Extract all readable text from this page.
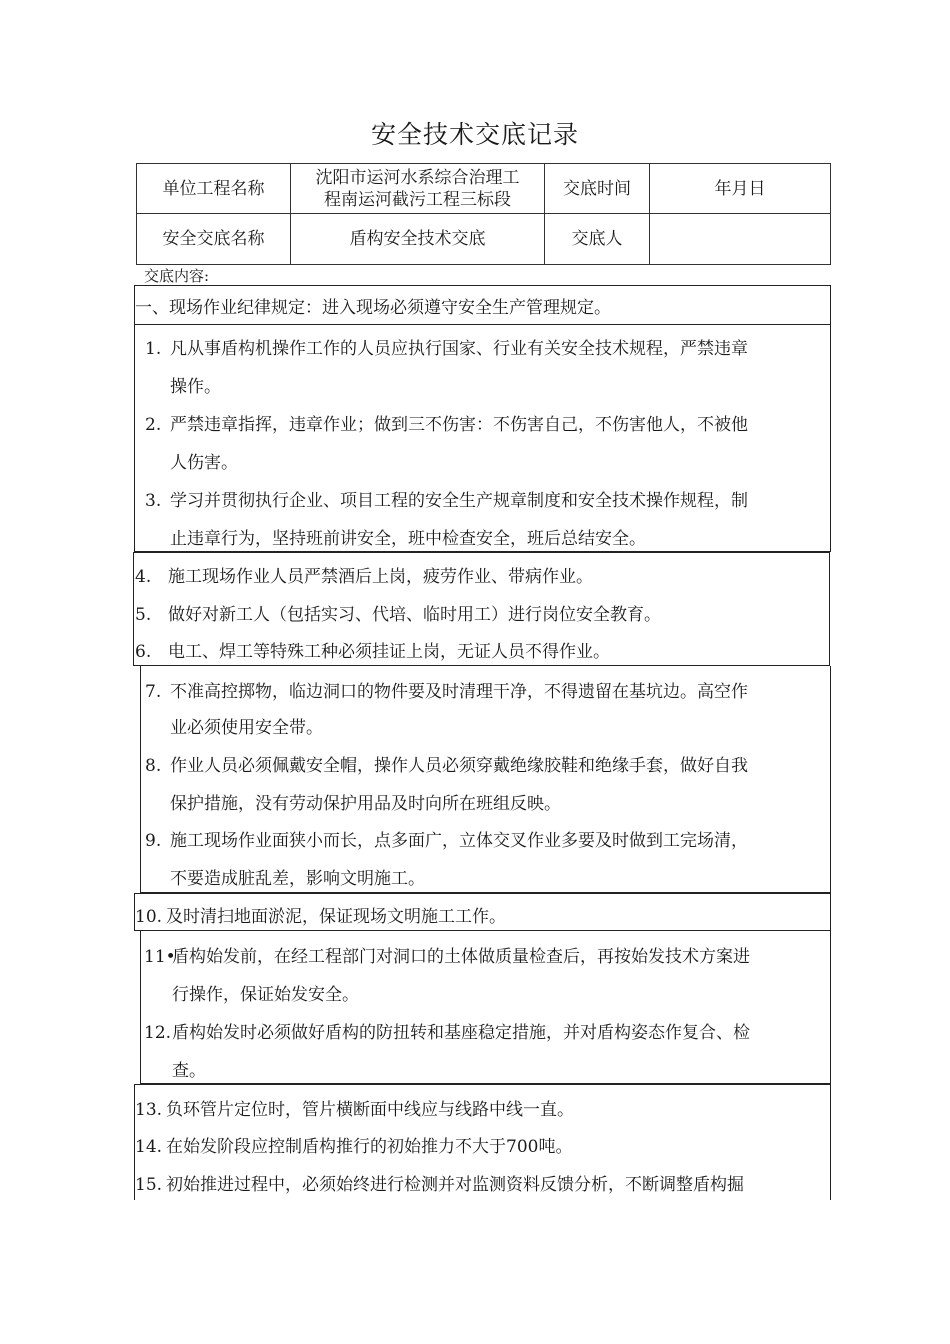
安全技术交底记录
单位工程名称	沈阳市运河水系综合治理工
程南运河截污工程三标段	交底时间	年月日
安全交底名称	盾构安全技术交底	交底人	
交底内容:
一、现场作业纪律规定：进入现场必须遵守安全生产管理规定。
1. 凡从事盾构机操作工作的人员应执行国家、行业有关安全技术规程，严禁违章
操作。
2. 严禁违章指挥，违章作业；做到三不伤害：不伤害自己，不伤害他人，不被他
人伤害。
3. 学习并贯彻执行企业、项目工程的安全生产规章制度和安全技术操作规程，制
止违章行为，坚持班前讲安全，班中检查安全，班后总结安全。
4. 施工现场作业人员严禁酒后上岗，疲劳作业、带病作业。
5. 做好对新工人（包括实习、代培、临时用工）进行岗位安全教育。
6. 电工、焊工等特殊工种必须挂证上岗，无证人员不得作业。
7. 不准高控掷物，临边洞口的物件要及时清理干净，不得遗留在基坑边。高空作
业必须使用安全带。
8. 作业人员必须佩戴安全帽，操作人员必须穿戴绝缘胶鞋和绝缘手套，做好自我
保护措施，没有劳动保护用品及时向所在班组反映。
9. 施工现场作业面狭小而长，点多面广，立体交叉作业多要及时做到工完场清，
不要造成脏乱差，影响文明施工。
10. 及时清扫地面淤泥，保证现场文明施工工作。
11•
盾构始发前，在经工程部门对洞口的土体做质量检查后，再按始发技术方案进
行操作，保证始发安全。
12. 盾构始发时必须做好盾构的防扭转和基座稳定措施，并对盾构姿态作复合、检
查。
13. 负环管片定位时，管片横断面中线应与线路中线一直。
14. 在始发阶段应控制盾构推行的初始推力不大于700吨。
15. 初始推进过程中，必须始终进行检测并对监测资料反馈分析，不断调整盾构掘
